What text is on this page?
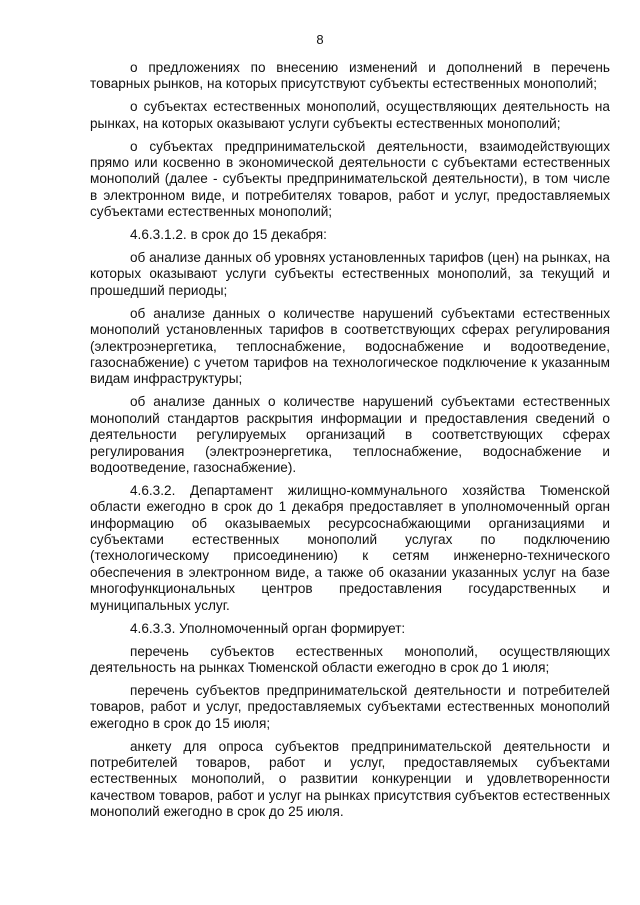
8

о предложениях по внесению изменений и дополнений в перечень товарных рынков, на которых присутствуют субъекты естественных монополий;

о субъектах естественных монополий, осуществляющих деятельность на рынках, на которых оказывают услуги субъекты естественных монополий;

о субъектах предпринимательской деятельности, взаимодействующих прямо или косвенно в экономической деятельности с субъектами естественных монополий (далее - субъекты предпринимательской деятельности), в том числе в электронном виде, и потребителях товаров, работ и услуг, предоставляемых субъектами естественных монополий;

4.6.3.1.2. в срок до 15 декабря:

об анализе данных об уровнях установленных тарифов (цен) на рынках, на которых оказывают услуги субъекты естественных монополий, за текущий и прошедший периоды;

об анализе данных о количестве нарушений субъектами естественных монополий установленных тарифов в соответствующих сферах регулирования (электроэнергетика, теплоснабжение, водоснабжение и водоотведение, газоснабжение) с учетом тарифов на технологическое подключение к указанным видам инфраструктуры;

об анализе данных о количестве нарушений субъектами естественных монополий стандартов раскрытия информации и предоставления сведений о деятельности регулируемых организаций в соответствующих сферах регулирования (электроэнергетика, теплоснабжение, водоснабжение и водоотведение, газоснабжение).

4.6.3.2. Департамент жилищно-коммунального хозяйства Тюменской области ежегодно в срок до 1 декабря предоставляет в уполномоченный орган информацию об оказываемых ресурсоснабжающими организациями и субъектами естественных монополий услугах по подключению (технологическому присоединению) к сетям инженерно-технического обеспечения в электронном виде, а также об оказании указанных услуг на базе многофункциональных центров предоставления государственных и муниципальных услуг.

4.6.3.3. Уполномоченный орган формирует:

перечень субъектов естественных монополий, осуществляющих деятельность на рынках Тюменской области ежегодно в срок до 1 июля;

перечень субъектов предпринимательской деятельности и потребителей товаров, работ и услуг, предоставляемых субъектами естественных монополий ежегодно в срок до 15 июля;

анкету для опроса субъектов предпринимательской деятельности и потребителей товаров, работ и услуг, предоставляемых субъектами естественных монополий, о развитии конкуренции и удовлетворенности качеством товаров, работ и услуг на рынках присутствия субъектов естественных монополий ежегодно в срок до 25 июля.
